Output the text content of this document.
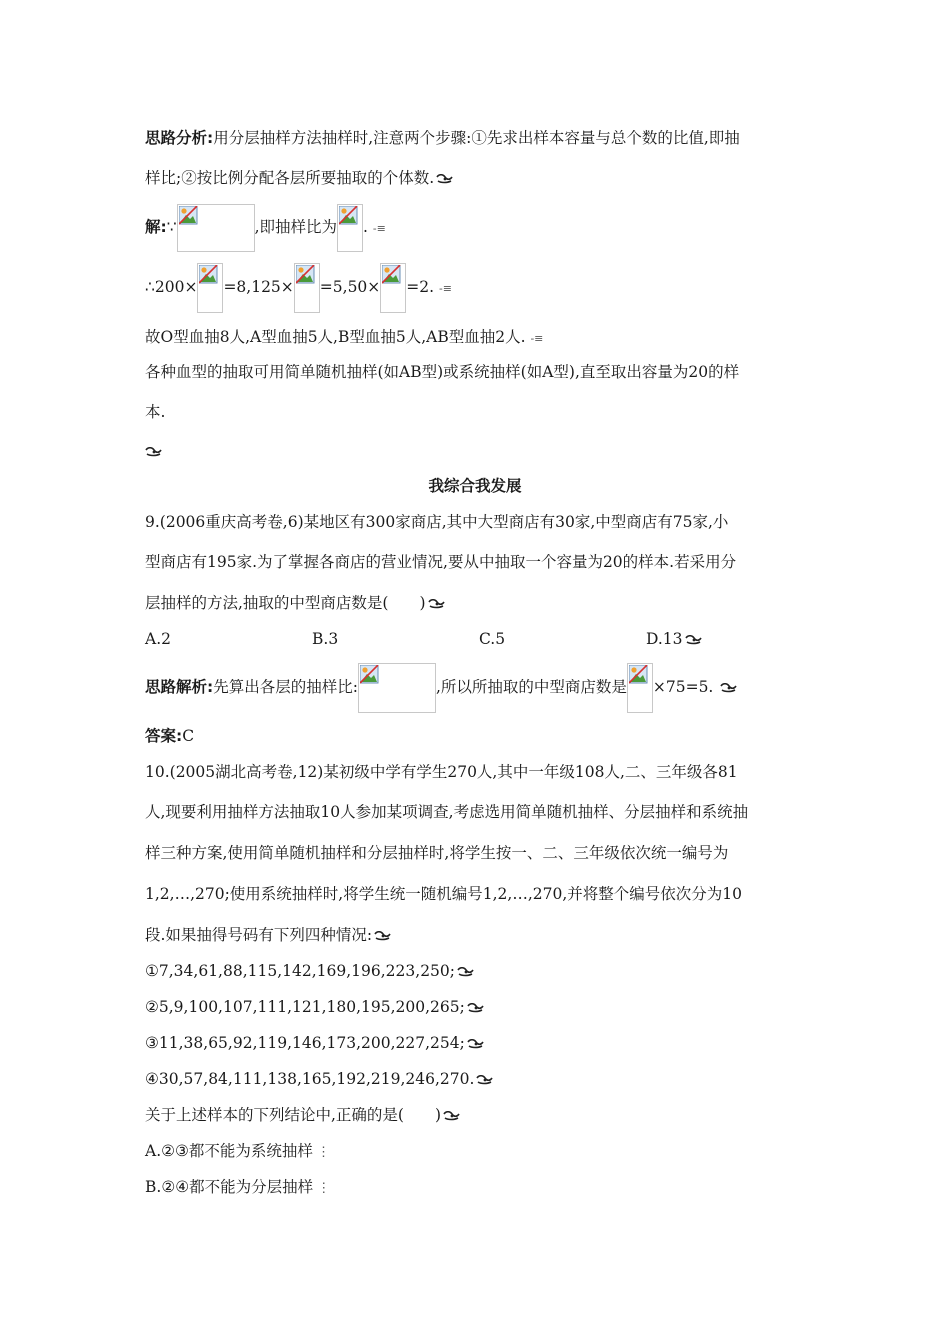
思路分析:用分层抽样方法抽样时,注意两个步骤:①先求出样本容量与总个数的比值,即抽
样比;②按比例分配各层所要抽取的个体数.
解:∵	,即抽样比为 . -≡
∴200× =8,125× =5,50× =2. -≡
故O型血抽8人,A型血抽5人,B型血抽5人,AB型血抽2人. -≡
各种血型的抽取可用简单随机抽样(如AB型)或系统抽样(如A型),直至取出容量为20的样
本.
我综合我发展
9.(2006重庆高考卷,6)某地区有300家商店,其中大型商店有30家,中型商店有75家,小
型商店有195家.为了掌握各商店的营业情况,要从中抽取一个容量为20的样本.若采用分
层抽样的方法,抽取的中型商店数是(　　)
A.2	B.3	C.5	D.13
思路解析:先算出各层的抽样比:	,所以所抽取的中型商店数是 ×75=5.
答案:C
10.(2005湖北高考卷,12)某初级中学有学生270人,其中一年级108人,二、三年级各81
人,现要利用抽样方法抽取10人参加某项调查,考虑选用简单随机抽样、分层抽样和系统抽
样三种方案,使用简单随机抽样和分层抽样时,将学生按一、二、三年级依次统一编号为
1,2,…,270;使用系统抽样时,将学生统一随机编号1,2,…,270,并将整个编号依次分为10
段.如果抽得号码有下列四种情况:
①7,34,61,88,115,142,169,196,223,250;
②5,9,100,107,111,121,180,195,200,265;
③11,38,65,92,119,146,173,200,227,254;
④30,57,84,111,138,165,192,219,246,270.
关于上述样本的下列结论中,正确的是(　　)
A.②③都不能为系统抽样 ⋮
B.②④都不能为分层抽样 ⋮
